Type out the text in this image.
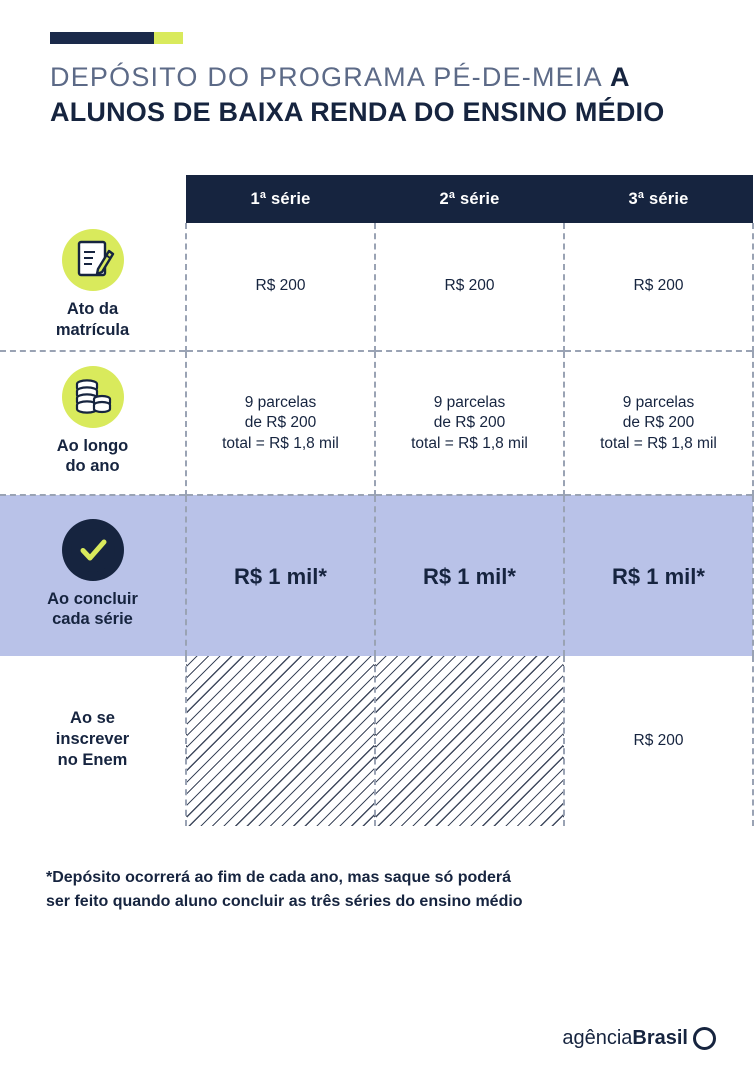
DEPÓSITO DO PROGRAMA PÉ-DE-MEIA A ALUNOS DE BAIXA RENDA DO ENSINO MÉDIO
	1ª série	2ª série	3ª série

Ato da
matrícula	R$ 200	R$ 200	R$ 200

Ao longo
do ano	9 parcelas
de R$ 200
total = R$ 1,8 mil	9 parcelas
de R$ 200
total = R$ 1,8 mil	9 parcelas
de R$ 200
total = R$ 1,8 mil

Ao concluir
cada série	R$ 1 mil*	R$ 1 mil*	R$ 1 mil*
Ao se
inscrever
no Enem			R$ 200
*Depósito ocorrerá ao fim de cada ano, mas saque só poderá
ser feito quando aluno concluir as três séries do ensino médio
agência Brasil
